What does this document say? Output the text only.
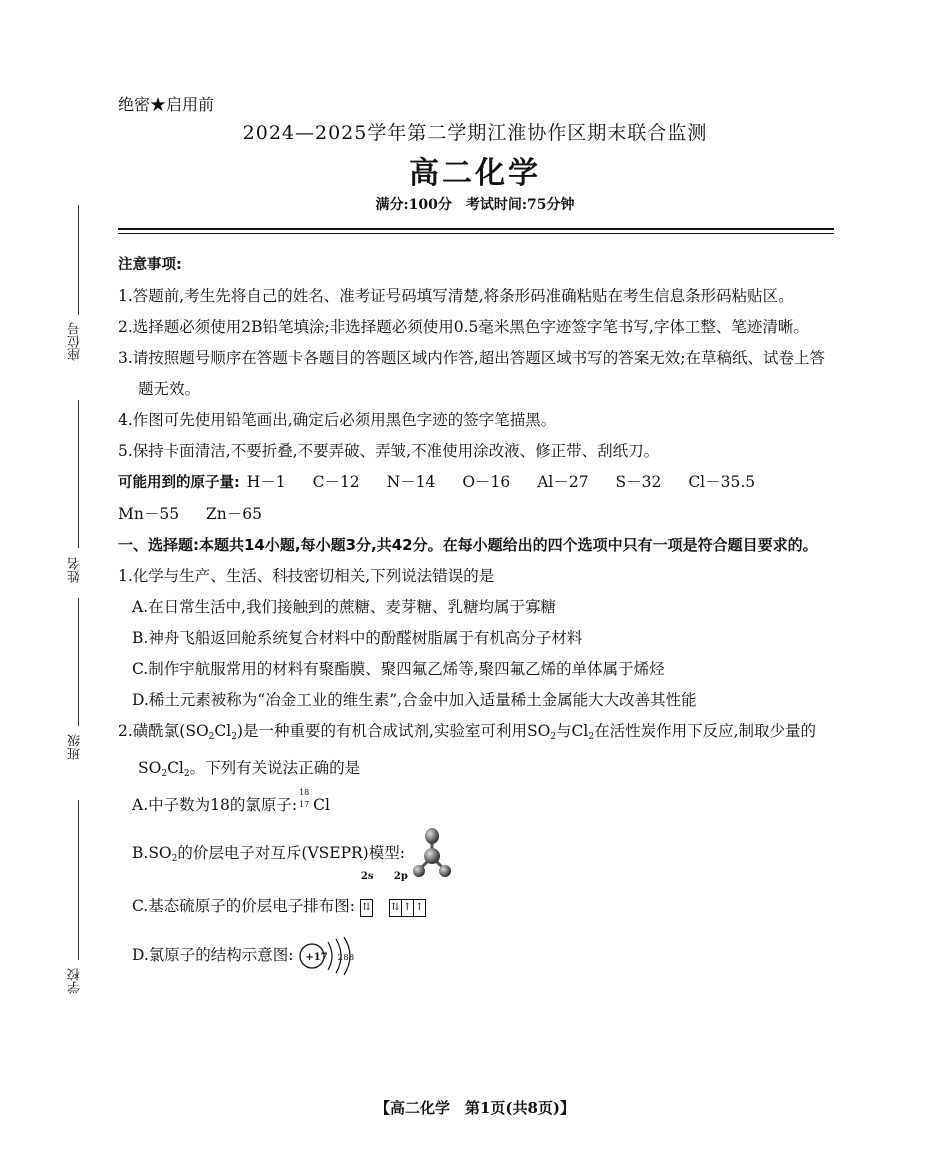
座位号
姓名
班级
学校
绝密★启用前
2024—2025学年第二学期江淮协作区期末联合监测
高二化学
满分:100分　考试时间:75分钟

注意事项:

1.答题前,考生先将自己的姓名、准考证号码填写清楚,将条形码准确粘贴在考生信息条形码粘贴区。

2.选择题必须使用2B铅笔填涂;非选择题必须使用0.5毫米黑色字迹签字笔书写,字体工整、笔迹清晰。

3.请按照题号顺序在答题卡各题目的答题区域内作答,超出答题区域书写的答案无效;在草稿纸、试卷上答题无效。

4.作图可先使用铅笔画出,确定后必须用黑色字迹的签字笔描黑。

5.保持卡面清洁,不要折叠,不要弄破、弄皱,不准使用涂改液、修正带、刮纸刀。

可能用到的原子量: H－1 C－12 N－14 O－16 Al－27 S－32 Cl－35.5

Mn－55 Zn－65

一、选择题:本题共14小题,每小题3分,共42分。在每小题给出的四个选项中只有一项是符合题目要求的。

1.化学与生产、生活、科技密切相关,下列说法错误的是

A.在日常生活中,我们接触到的蔗糖、麦芽糖、乳糖均属于寡糖

B.神舟飞船返回舱系统复合材料中的酚醛树脂属于有机高分子材料

C.制作宇航服常用的材料有聚酯膜、聚四氟乙烯等,聚四氟乙烯的单体属于烯烃

D.稀土元素被称为“冶金工业的维生素”,合金中加入适量稀土金属能大大改善其性能

2.磺酰氯$(SO_2Cl_2)$是一种重要的有机合成试剂,实验室可利用$SO_2$与$Cl_2$在活性炭作用下反应,制取少量的$SO_2Cl_2$。下列有关说法正确的是

A.中子数为18的氯原子:
18
17 Cl

$B.SO_2$的价层电子对互斥(VSEPR)模型:

C.基态硫原子的价层电子排布图:
2s
⇅
2p
⇅ ↑ ↑

D.氯原子的结构示意图: +17 2 8 8

【高二化学　第1页(共8页)】
